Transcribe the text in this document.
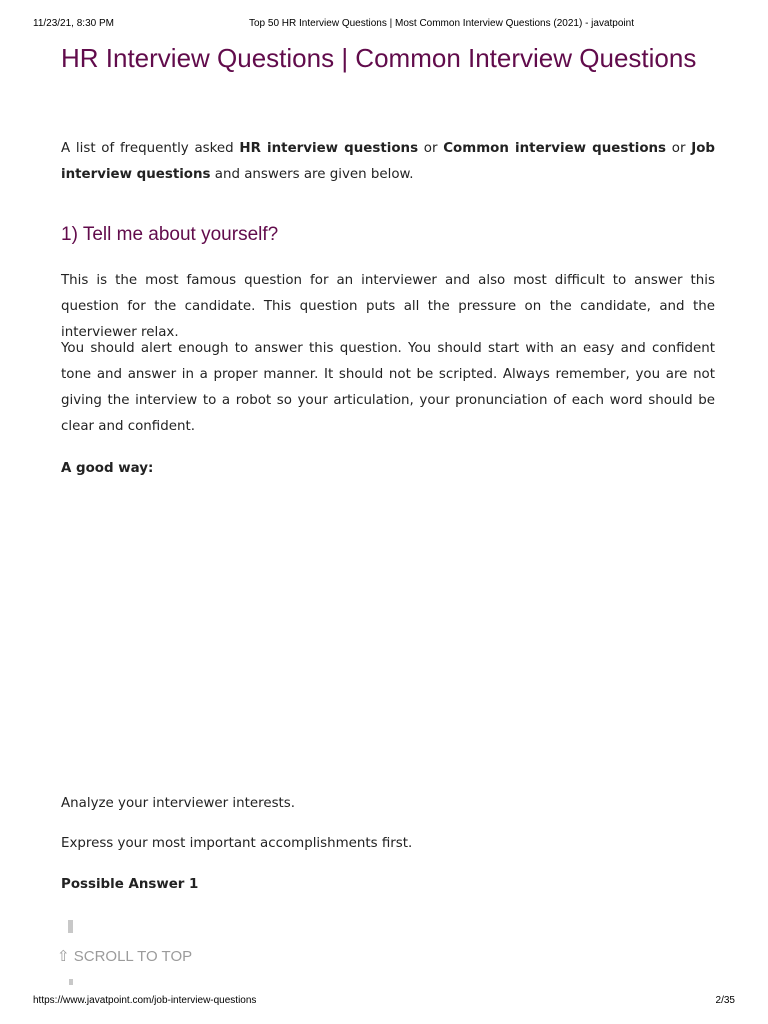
11/23/21, 8:30 PM	Top 50 HR Interview Questions | Most Common Interview Questions (2021) - javatpoint
HR Interview Questions | Common Interview Questions

A list of frequently asked HR interview questions or Common interview questions or Job interview questions and answers are given below.

1) Tell me about yourself?

This is the most famous question for an interviewer and also most difficult to answer this question for the candidate. This question puts all the pressure on the candidate, and the interviewer relax.

You should alert enough to answer this question. You should start with an easy and confident tone and answer in a proper manner. It should not be scripted. Always remember, you are not giving the interview to a robot so your articulation, your pronunciation of each word should be clear and confident.

A good way:

Analyze your interviewer interests.

Express your most important accomplishments first.

Possible Answer 1

⇧ SCROLL TO TOP
https://www.javatpoint.com/job-interview-questions	2/35
